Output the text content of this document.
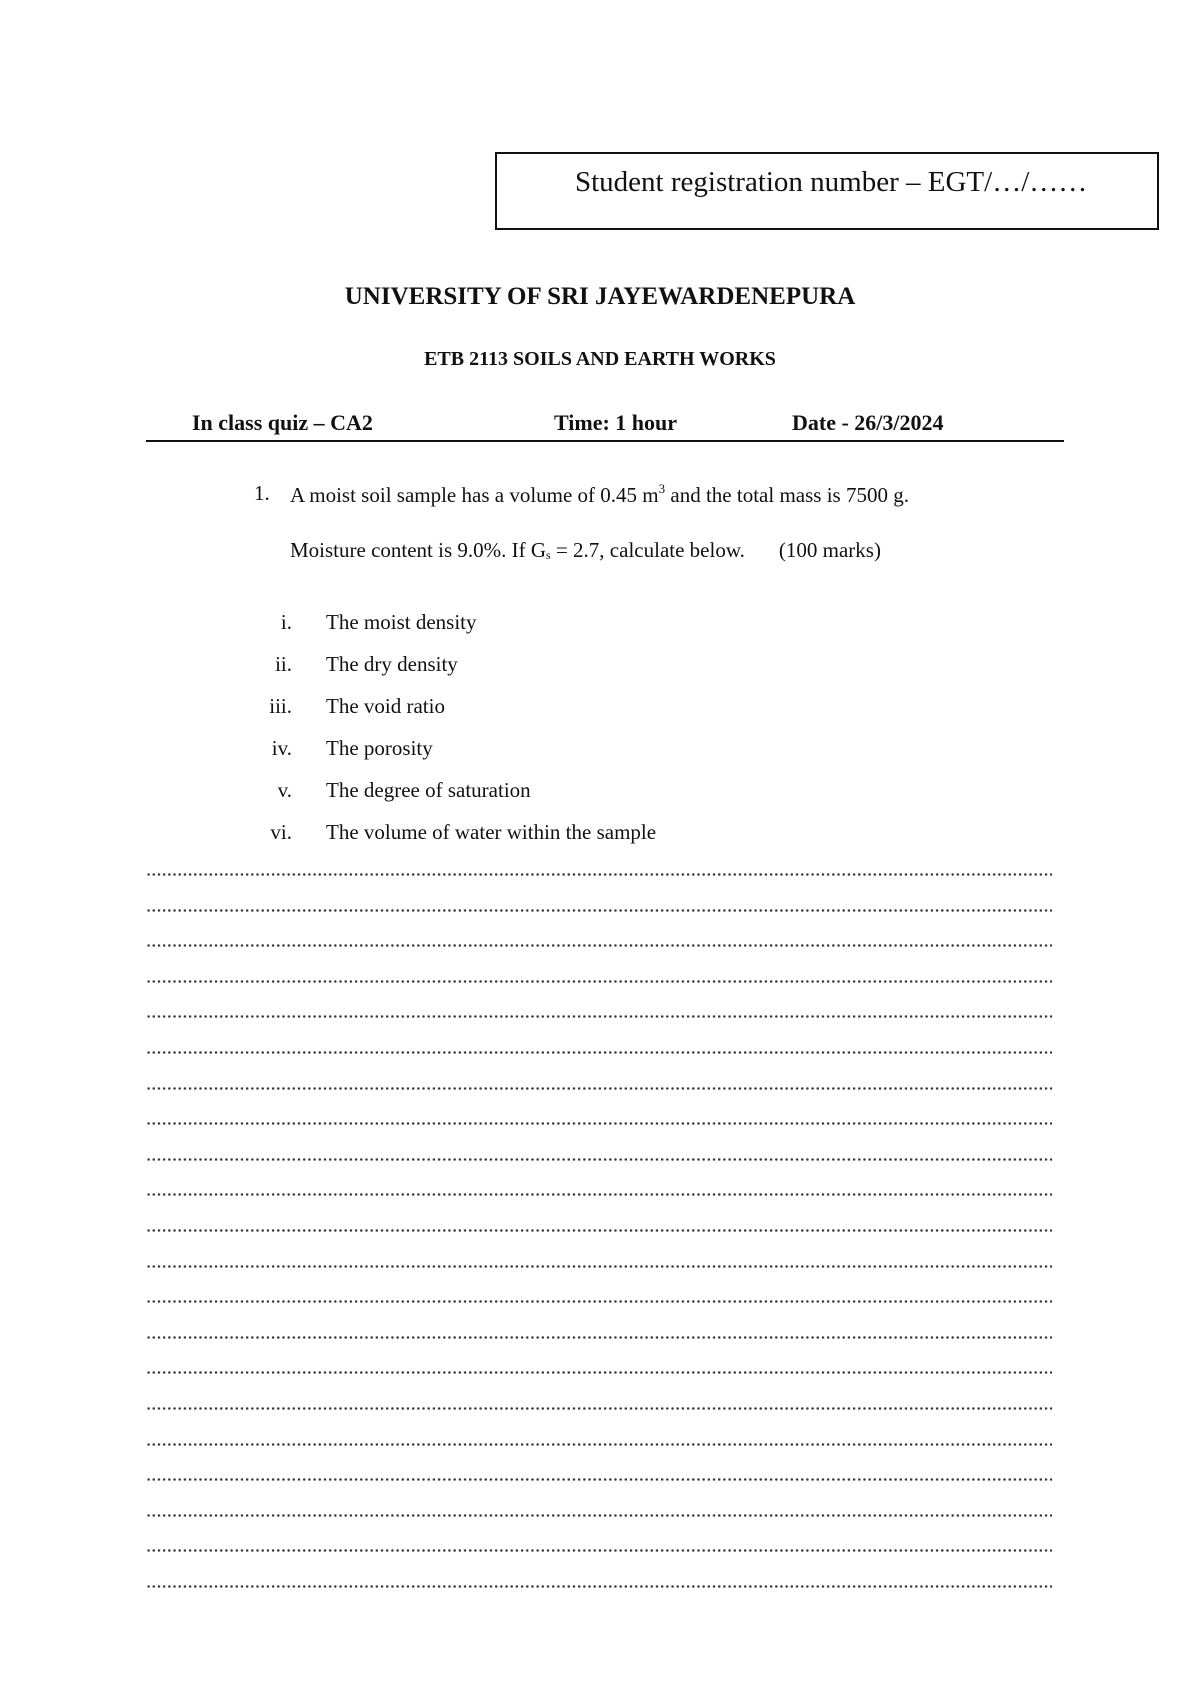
Student registration number – EGT/…/……
UNIVERSITY OF SRI JAYEWARDENEPURA
ETB 2113 SOILS AND EARTH WORKS
In class quiz – CA2	Time: 1 hour	Date - 26/3/2024
1. A moist soil sample has a volume of 0.45 $m^3$ and the total mass is 7500 g.
Moisture content is 9.0%. If $G_s = 2.7$, calculate below. (100 marks)
i. The moist density
ii. The dry density
iii. The void ratio
iv. The porosity
v. The degree of saturation
vi. The volume of water within the sample
